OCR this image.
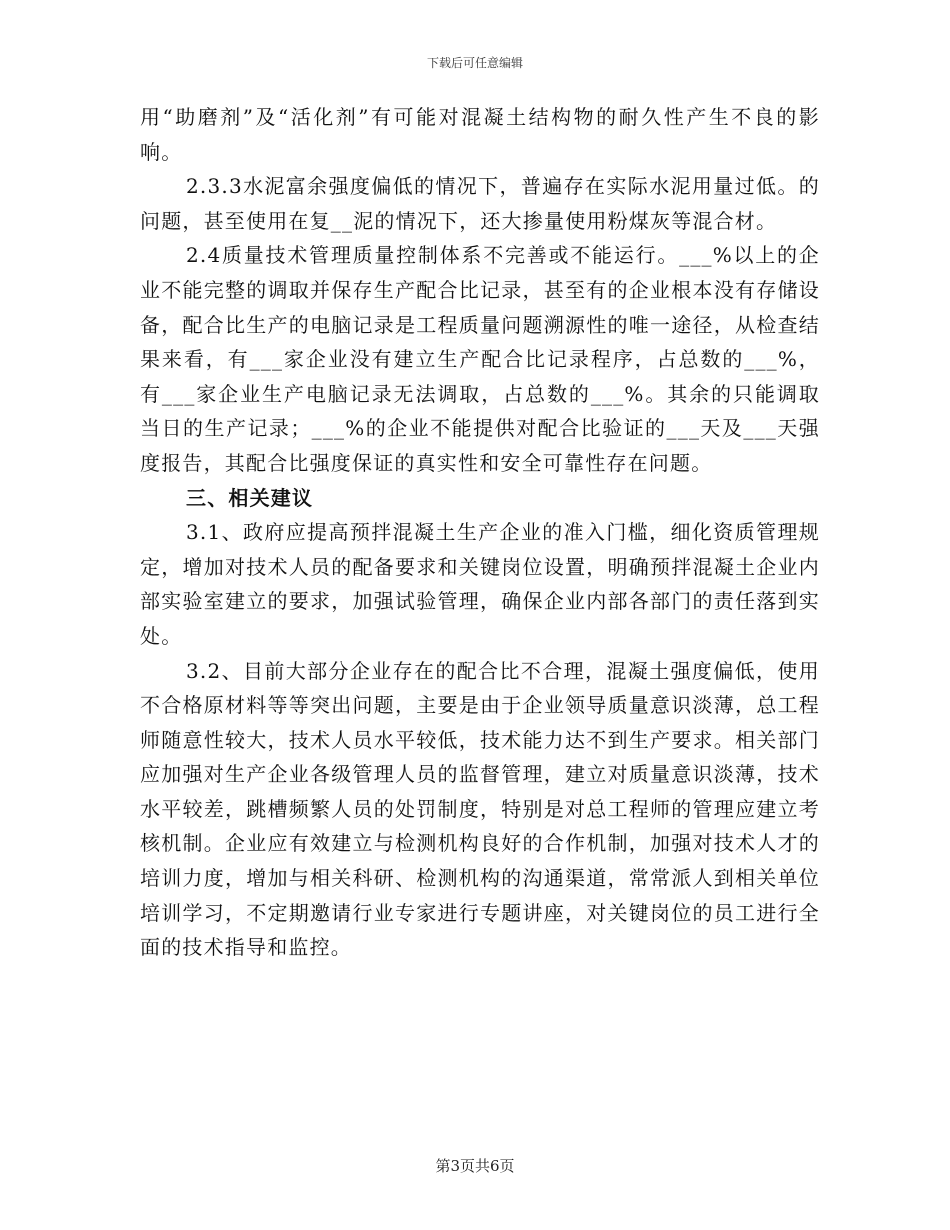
下载后可任意编辑

用“助磨剂”及“活化剂”有可能对混凝土结构物的耐久性产生不良的影响。

2.3.3水泥富余强度偏低的情况下，普遍存在实际水泥用量过低。的问题，甚至使用在复__泥的情况下，还大掺量使用粉煤灰等混合材。

2.4质量技术管理质量控制体系不完善或不能运行。___%以上的企业不能完整的调取并保存生产配合比记录，甚至有的企业根本没有存储设备，配合比生产的电脑记录是工程质量问题溯源性的唯一途径，从检查结果来看，有___家企业没有建立生产配合比记录程序，占总数的___%，有___家企业生产电脑记录无法调取，占总数的___%。其余的只能调取当日的生产记录；___%的企业不能提供对配合比验证的___天及___天强度报告，其配合比强度保证的真实性和安全可靠性存在问题。

三、相关建议

3.1、政府应提高预拌混凝土生产企业的准入门槛，细化资质管理规定，增加对技术人员的配备要求和关键岗位设置，明确预拌混凝土企业内部实验室建立的要求，加强试验管理，确保企业内部各部门的责任落到实处。

3.2、目前大部分企业存在的配合比不合理，混凝土强度偏低，使用不合格原材料等等突出问题，主要是由于企业领导质量意识淡薄，总工程师随意性较大，技术人员水平较低，技术能力达不到生产要求。相关部门应加强对生产企业各级管理人员的监督管理，建立对质量意识淡薄，技术水平较差，跳槽频繁人员的处罚制度，特别是对总工程师的管理应建立考核机制。企业应有效建立与检测机构良好的合作机制，加强对技术人才的培训力度，增加与相关科研、检测机构的沟通渠道，常常派人到相关单位培训学习，不定期邀请行业专家进行专题讲座，对关键岗位的员工进行全面的技术指导和监控。

第3页共6页
